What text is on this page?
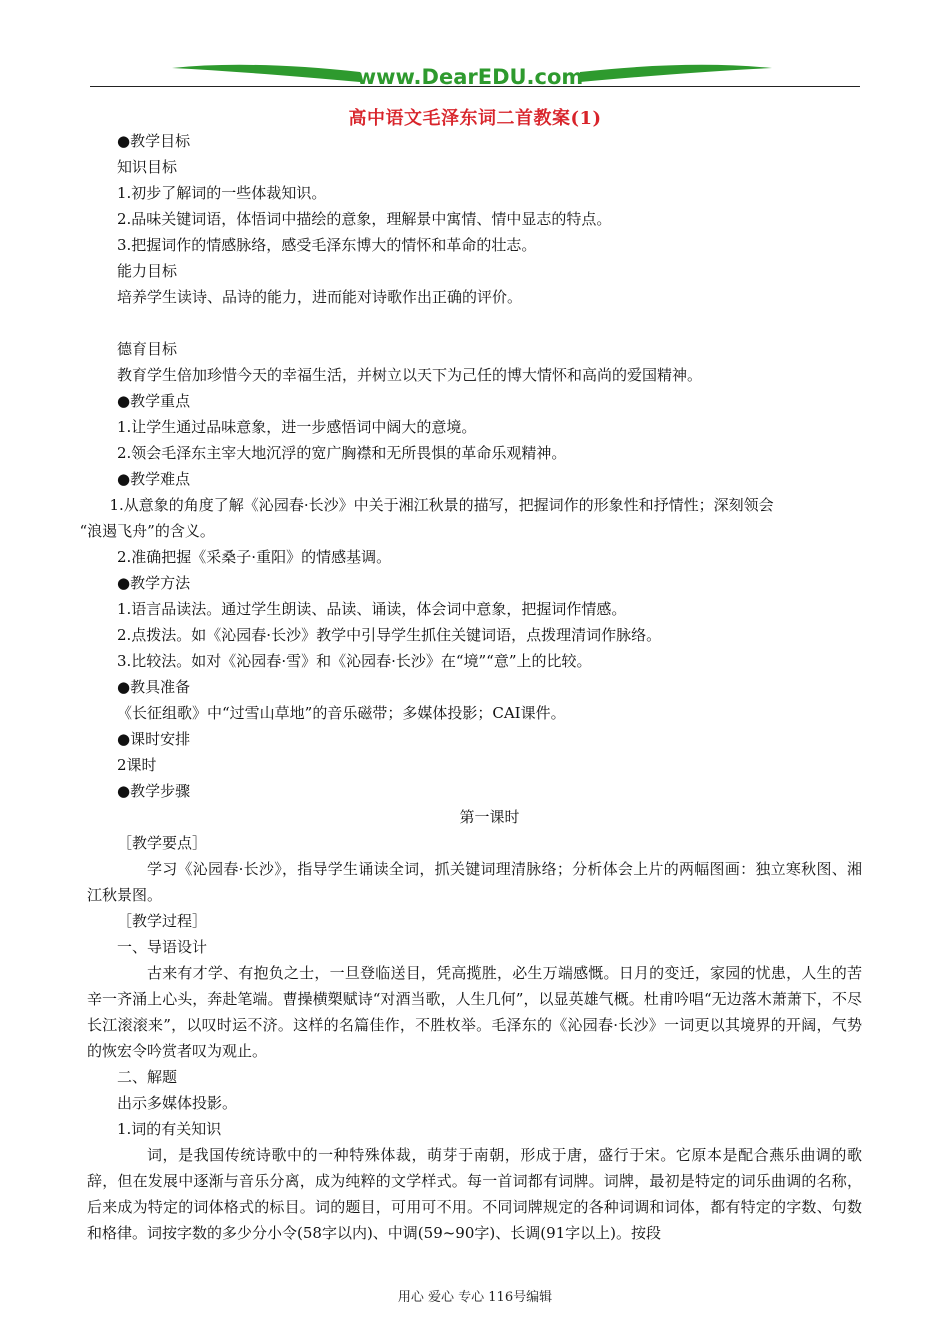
www.DearEDU.com
高中语文毛泽东词二首教案(1)

●教学目标

知识目标

1.初步了解词的一些体裁知识。

2.品味关键词语，体悟词中描绘的意象，理解景中寓情、情中显志的特点。

3.把握词作的情感脉络，感受毛泽东博大的情怀和革命的壮志。

能力目标

培养学生读诗、品诗的能力，进而能对诗歌作出正确的评价。

德育目标

教育学生倍加珍惜今天的幸福生活，并树立以天下为己任的博大情怀和高尚的爱国精神。

●教学重点

1.让学生通过品味意象，进一步感悟词中阔大的意境。

2.领会毛泽东主宰大地沉浮的宽广胸襟和无所畏惧的革命乐观精神。

●教学难点

1.从意象的角度了解《沁园春·长沙》中关于湘江秋景的描写，把握词作的形象性和抒情性；深刻领会

“浪遏飞舟”的含义。

2.准确把握《采桑子·重阳》的情感基调。

●教学方法

1.语言品读法。通过学生朗读、品读、诵读，体会词中意象，把握词作情感。

2.点拨法。如《沁园春·长沙》教学中引导学生抓住关键词语，点拨理清词作脉络。

3.比较法。如对《沁园春·雪》和《沁园春·长沙》在“境”“意”上的比较。

●教具准备

《长征组歌》中“过雪山草地”的音乐磁带；多媒体投影；CAI课件。

●课时安排

2课时

●教学步骤

第一课时

［教学要点］

学习《沁园春·长沙》，指导学生诵读全词，抓关键词理清脉络；分析体会上片的两幅图画：独立寒秋图、湘江秋景图。

［教学过程］

一、导语设计

古来有才学、有抱负之士，一旦登临送目，凭高揽胜，必生万端感慨。日月的变迁，家园的忧患，人生的苦辛一齐涌上心头，奔赴笔端。曹操横槊赋诗“对酒当歌，人生几何”，以显英雄气概。杜甫吟唱“无边落木萧萧下，不尽长江滚滚来”，以叹时运不济。这样的名篇佳作，不胜枚举。毛泽东的《沁园春·长沙》一词更以其境界的开阔，气势的恢宏令吟赏者叹为观止。

二、解题

出示多媒体投影。

1.词的有关知识

词，是我国传统诗歌中的一种特殊体裁，萌芽于南朝，形成于唐，盛行于宋。它原本是配合燕乐曲调的歌辞，但在发展中逐渐与音乐分离，成为纯粹的文学样式。每一首词都有词牌。词牌，最初是特定的词乐曲调的名称，后来成为特定的词体格式的标目。词的题目，可用可不用。不同词牌规定的各种词调和词体，都有特定的字数、句数和格律。词按字数的多少分小令(58字以内)、中调(59~90字)、长调(91字以上)。按段

用心 爱心 专心 116号编辑
